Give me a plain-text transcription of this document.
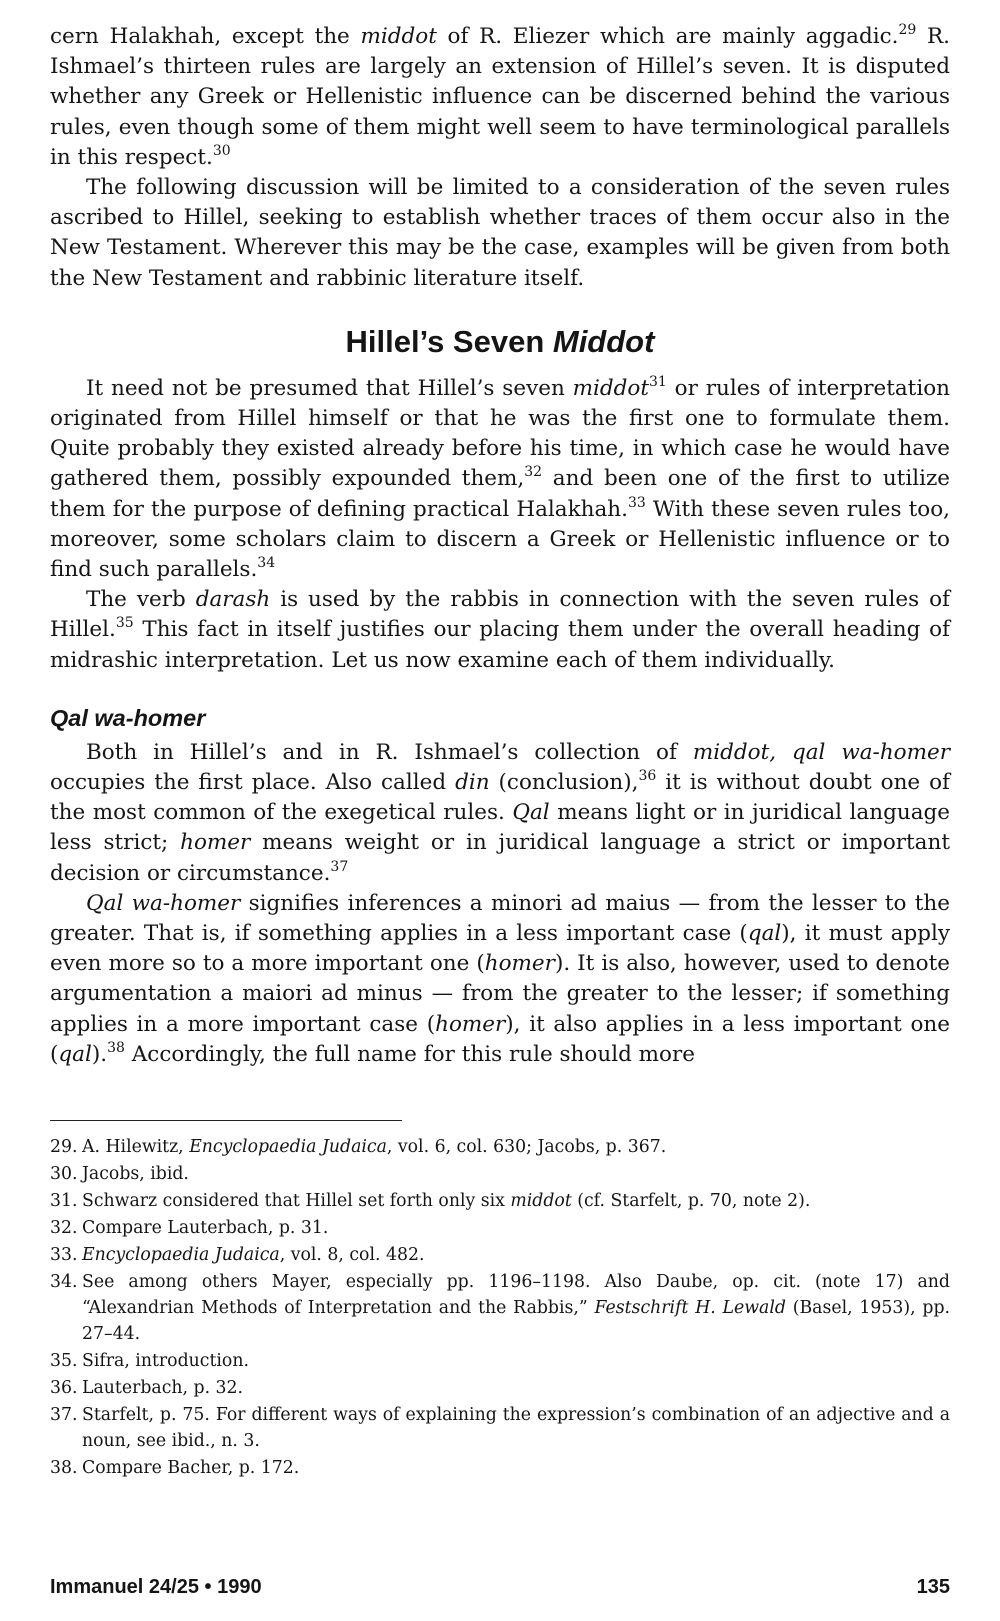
cern Halakhah, except the middot of R. Eliezer which are mainly aggadic.$^{29}$ R. Ishmael’s thirteen rules are largely an extension of Hillel’s seven. It is disputed whether any Greek or Hellenistic influence can be discerned behind the various rules, even though some of them might well seem to have terminological parallels in this respect.$^{30}$

The following discussion will be limited to a consideration of the seven rules ascribed to Hillel, seeking to establish whether traces of them occur also in the New Testament. Wherever this may be the case, examples will be given from both the New Testament and rabbinic literature itself.

Hillel’s Seven Middot

It need not be presumed that Hillel’s seven middot$^{31}$ or rules of interpretation originated from Hillel himself or that he was the first one to formulate them. Quite probably they existed already before his time, in which case he would have gathered them, possibly expounded them,$^{32}$ and been one of the first to utilize them for the purpose of defining practical Halakhah.$^{33}$ With these seven rules too, moreover, some scholars claim to discern a Greek or Hellenistic influence or to find such parallels.$^{34}$

The verb darash is used by the rabbis in connection with the seven rules of Hillel.$^{35}$ This fact in itself justifies our placing them under the overall heading of midrashic interpretation. Let us now examine each of them individually.

Qal wa-homer

Both in Hillel’s and in R. Ishmael’s collection of middot, qal wa-homer occupies the first place. Also called din (conclusion),$^{36}$ it is without doubt one of the most common of the exegetical rules. Qal means light or in juridical language less strict; homer means weight or in juridical language a strict or important decision or circumstance.$^{37}$

Qal wa-homer signifies inferences a minori ad maius — from the lesser to the greater. That is, if something applies in a less important case (qal), it must apply even more so to a more important one (homer). It is also, however, used to denote argumentation a maiori ad minus — from the greater to the lesser; if something applies in a more important case (homer), it also applies in a less important one (qal).$^{38}$ Accordingly, the full name for this rule should more

29. A. Hilewitz, Encyclopaedia Judaica, vol. 6, col. 630; Jacobs, p. 367.
30. Jacobs, ibid.
31. Schwarz considered that Hillel set forth only six middot (cf. Starfelt, p. 70, note 2).
32. Compare Lauterbach, p. 31.
33. Encyclopaedia Judaica, vol. 8, col. 482.
34. See among others Mayer, especially pp. 1196–1198. Also Daube, op. cit. (note 17) and “Alexandrian Methods of Interpretation and the Rabbis,” Festschrift H. Lewald (Basel, 1953), pp. 27–44.
35. Sifra, introduction.
36. Lauterbach, p. 32.
37. Starfelt, p. 75. For different ways of explaining the expression’s combination of an adjective and a noun, see ibid., n. 3.
38. Compare Bacher, p. 172.
Immanuel 24/25 • 1990	135
